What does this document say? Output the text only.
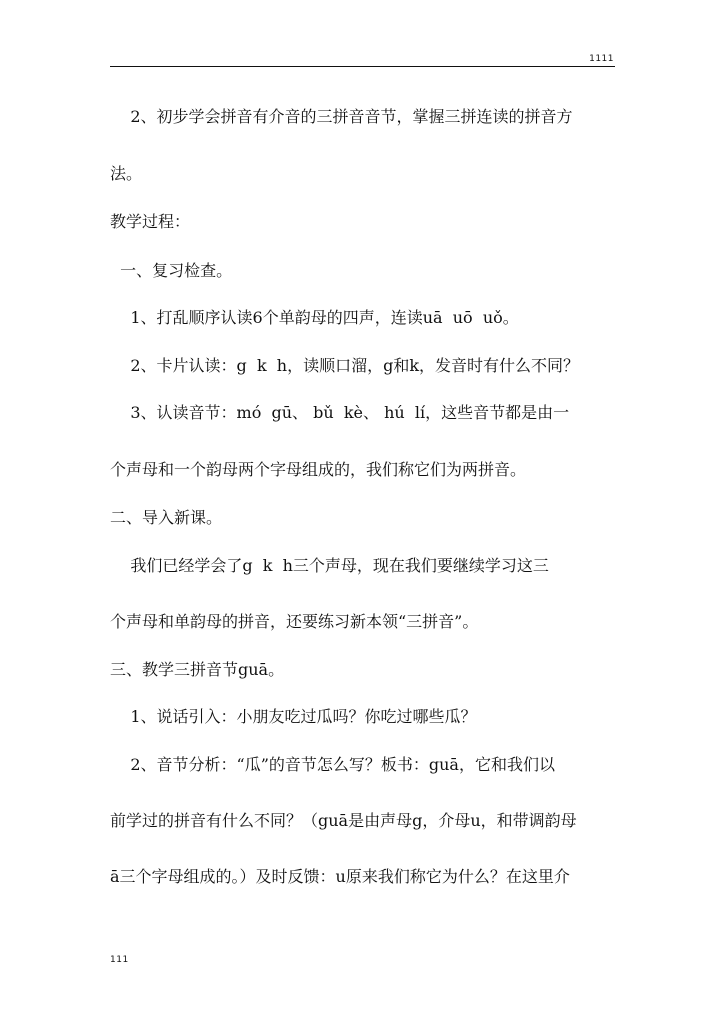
1111
2、初步学会拼音有介音的三拼音音节，掌握三拼连读的拼音方
法。
教学过程：
一、复习检查。
1、打乱顺序认读6个单韵母的四声，连读uā  uō  uǒ。
2、卡片认读：g  k  h，读顺口溜，g和k，发音时有什么不同？
3、认读音节：mó  gū、 bǔ  kè、 hú  lí，这些音节都是由一
个声母和一个韵母两个字母组成的，我们称它们为两拼音。
二、导入新课。
我们已经学会了g  k  h三个声母，现在我们要继续学习这三
个声母和单韵母的拼音，还要练习新本领“三拼音”。
三、教学三拼音节guā。
1、说话引入：小朋友吃过瓜吗？你吃过哪些瓜？
2、音节分析：“瓜”的音节怎么写？板书：guā，它和我们以
前学过的拼音有什么不同？（guā是由声母g，介母u，和带调韵母
ā三个字母组成的。）及时反馈：u原来我们称它为什么？在这里介
111
